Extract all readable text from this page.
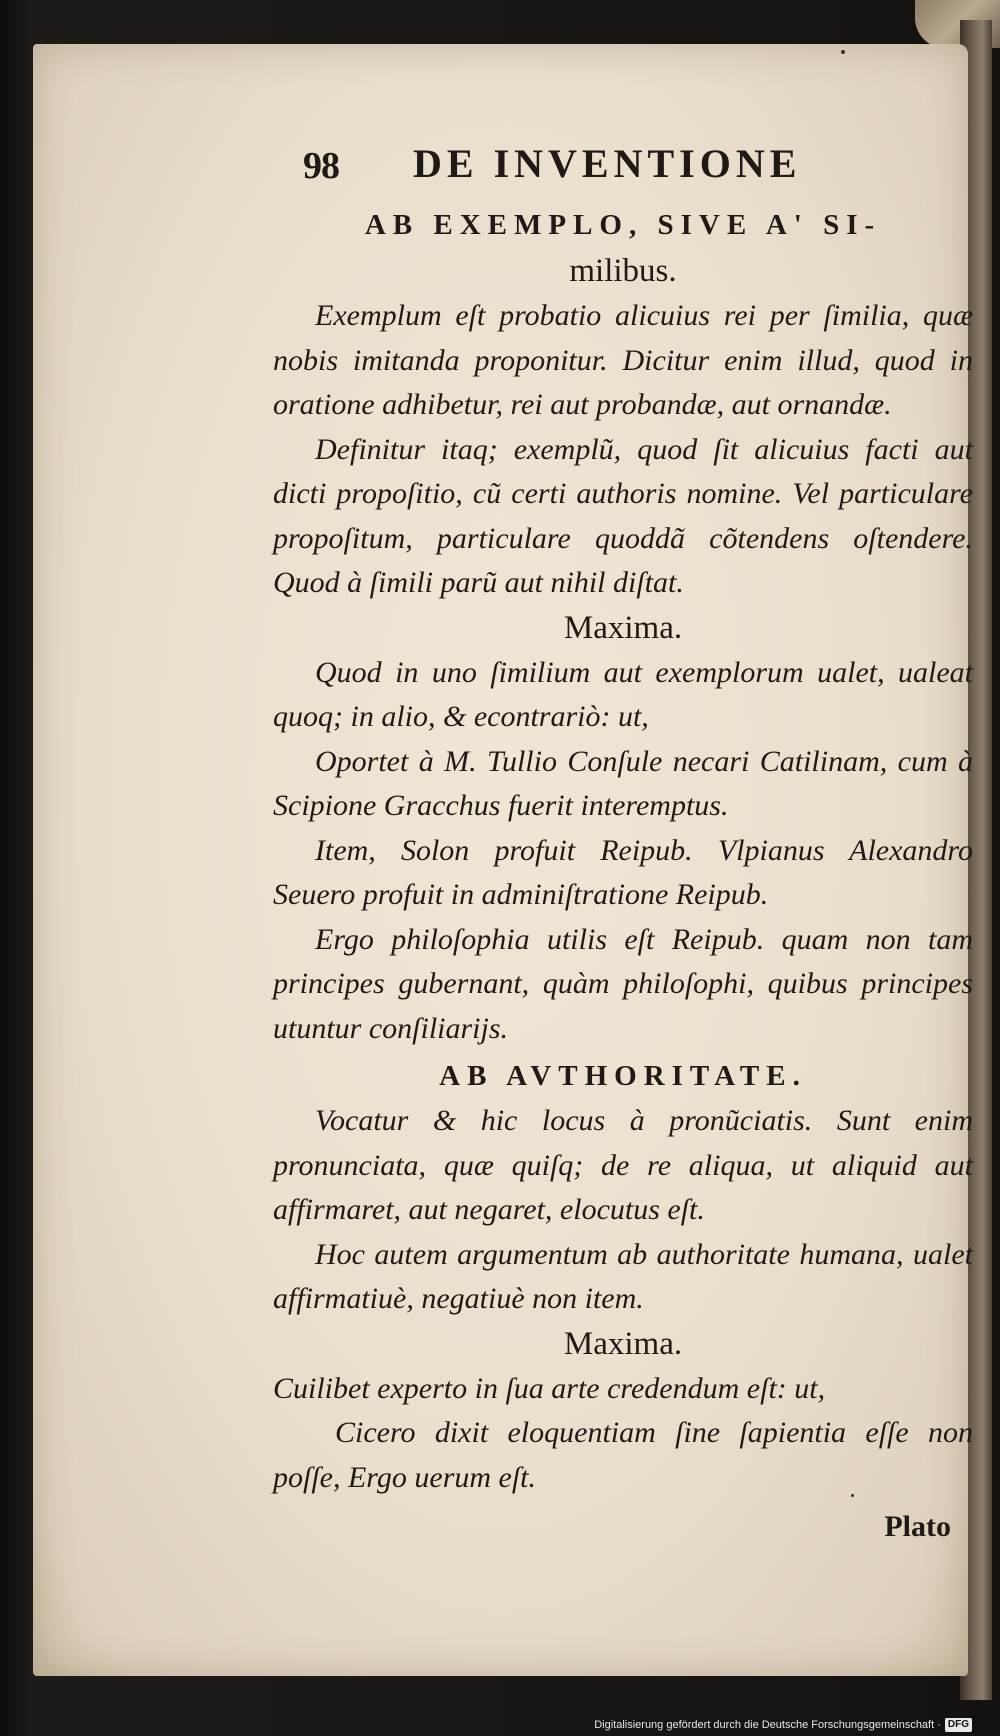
98 DE INVENTIONE

AB EXEMPLO, SIVE A' SI-

milibus.

Exemplum eſt probatio alicuius rei per ſimilia, quæ nobis imitanda proponitur. Dicitur enim illud, quod in oratione adhibetur, rei aut probandæ, aut ornandæ.

Definitur itaq; exemplũ, quod ſit alicuius facti aut dicti propoſitio, cũ certi authoris nomine. Vel particulare propoſitum, particulare quoddã cõtendens oſtendere. Quod à ſimili parũ aut nihil diſtat.

Maxima.

Quod in uno ſimilium aut exemplorum ualet, ualeat quoq; in alio, & econtrariò: ut,

Oportet à M. Tullio Conſule necari Catilinam, cum à Scipione Gracchus fuerit interemptus.

Item, Solon profuit Reipub. Vlpianus Alexandro Seuero profuit in adminiſtratione Reipub.

Ergo philoſophia utilis eſt Reipub. quam non tam principes gubernant, quàm philoſophi, quibus principes utuntur conſiliarijs.

AB AVTHORITATE.

Vocatur & hic locus à pronũciatis. Sunt enim pronunciata, quæ quiſq; de re aliqua, ut aliquid aut affirmaret, aut negaret, elocutus eſt.

Hoc autem argumentum ab authoritate humana, ualet affirmatiuè, negatiuè non item.

Maxima.

Cuilibet experto in ſua arte credendum eſt: ut,

Cicero dixit eloquentiam ſine ſapientia eſſe non poſſe, Ergo uerum eſt.

Plato
Digitalisierung gefördert durch die Deutsche Forschungsgemeinschaft · DFG
